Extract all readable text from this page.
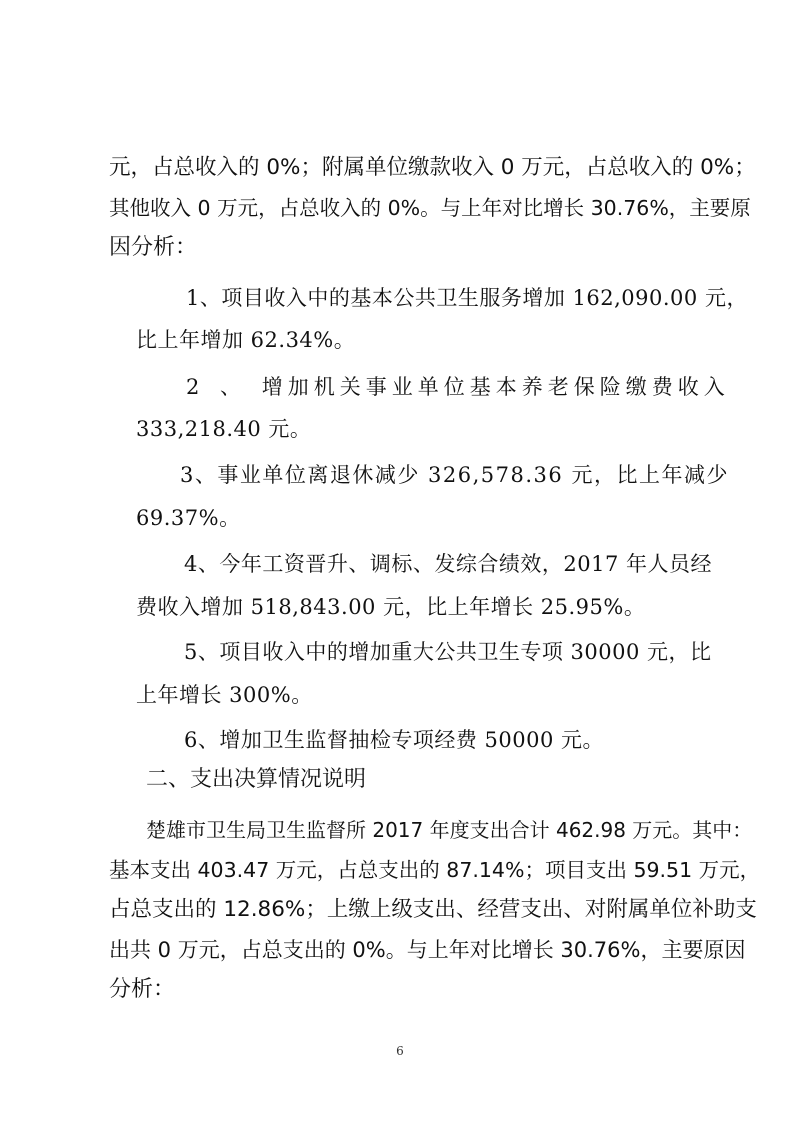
元，占总收入的 0%；附属单位缴款收入 0 万元，占总收入的 0%；
其他收入 0 万元，占总收入的 0%。与上年对比增长 30.76%，主要原
因分析：
1、项目收入中的基本公共卫生服务增加 162,090.00 元，
比上年增加 62.34%。
2 、 增加机关事业单位基本养老保险缴费收入
333,218.40 元。
3、事业单位离退休减少 326,578.36 元，比上年减少
69.37%。
4、今年工资晋升、调标、发综合绩效，2017 年人员经
费收入增加 518,843.00 元，比上年增长 25.95%。
5、项目收入中的增加重大公共卫生专项 30000 元，比
上年增长 300%。
6、增加卫生监督抽检专项经费 50000 元。
二、支出决算情况说明
楚雄市卫生局卫生监督所 2017 年度支出合计 462.98 万元。其中：
基本支出 403.47 万元，占总支出的 87.14%；项目支出 59.51 万元，
占总支出的 12.86%；上缴上级支出、经营支出、对附属单位补助支
出共 0 万元，占总支出的 0%。与上年对比增长 30.76%，主要原因
分析：
6
